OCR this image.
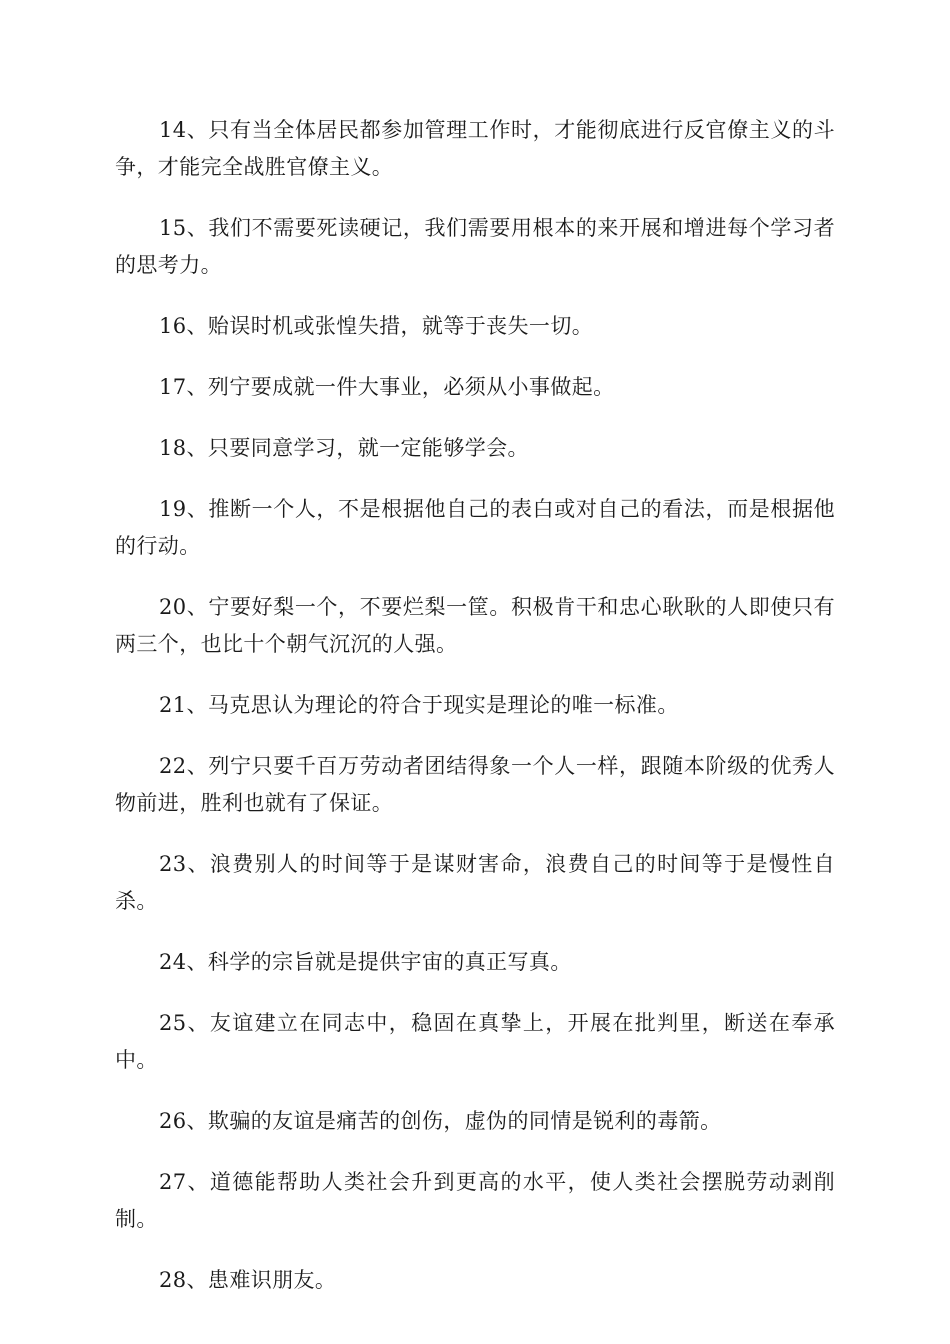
14、只有当全体居民都参加管理工作时，才能彻底进行反官僚主义的斗争，才能完全战胜官僚主义。

15、我们不需要死读硬记，我们需要用根本的来开展和增进每个学习者的思考力。

16、贻误时机或张惶失措，就等于丧失一切。

17、列宁要成就一件大事业，必须从小事做起。

18、只要同意学习，就一定能够学会。

19、推断一个人，不是根据他自己的表白或对自己的看法，而是根据他的行动。

20、宁要好梨一个，不要烂梨一筐。积极肯干和忠心耿耿的人即使只有两三个，也比十个朝气沉沉的人强。

21、马克思认为理论的符合于现实是理论的唯一标准。

22、列宁只要千百万劳动者团结得象一个人一样，跟随本阶级的优秀人物前进，胜利也就有了保证。

23、浪费别人的时间等于是谋财害命，浪费自己的时间等于是慢性自杀。

24、科学的宗旨就是提供宇宙的真正写真。

25、友谊建立在同志中，稳固在真挚上，开展在批判里，断送在奉承中。

26、欺骗的友谊是痛苦的创伤，虚伪的同情是锐利的毒箭。

27、道德能帮助人类社会升到更高的水平，使人类社会摆脱劳动剥削制。

28、患难识朋友。
